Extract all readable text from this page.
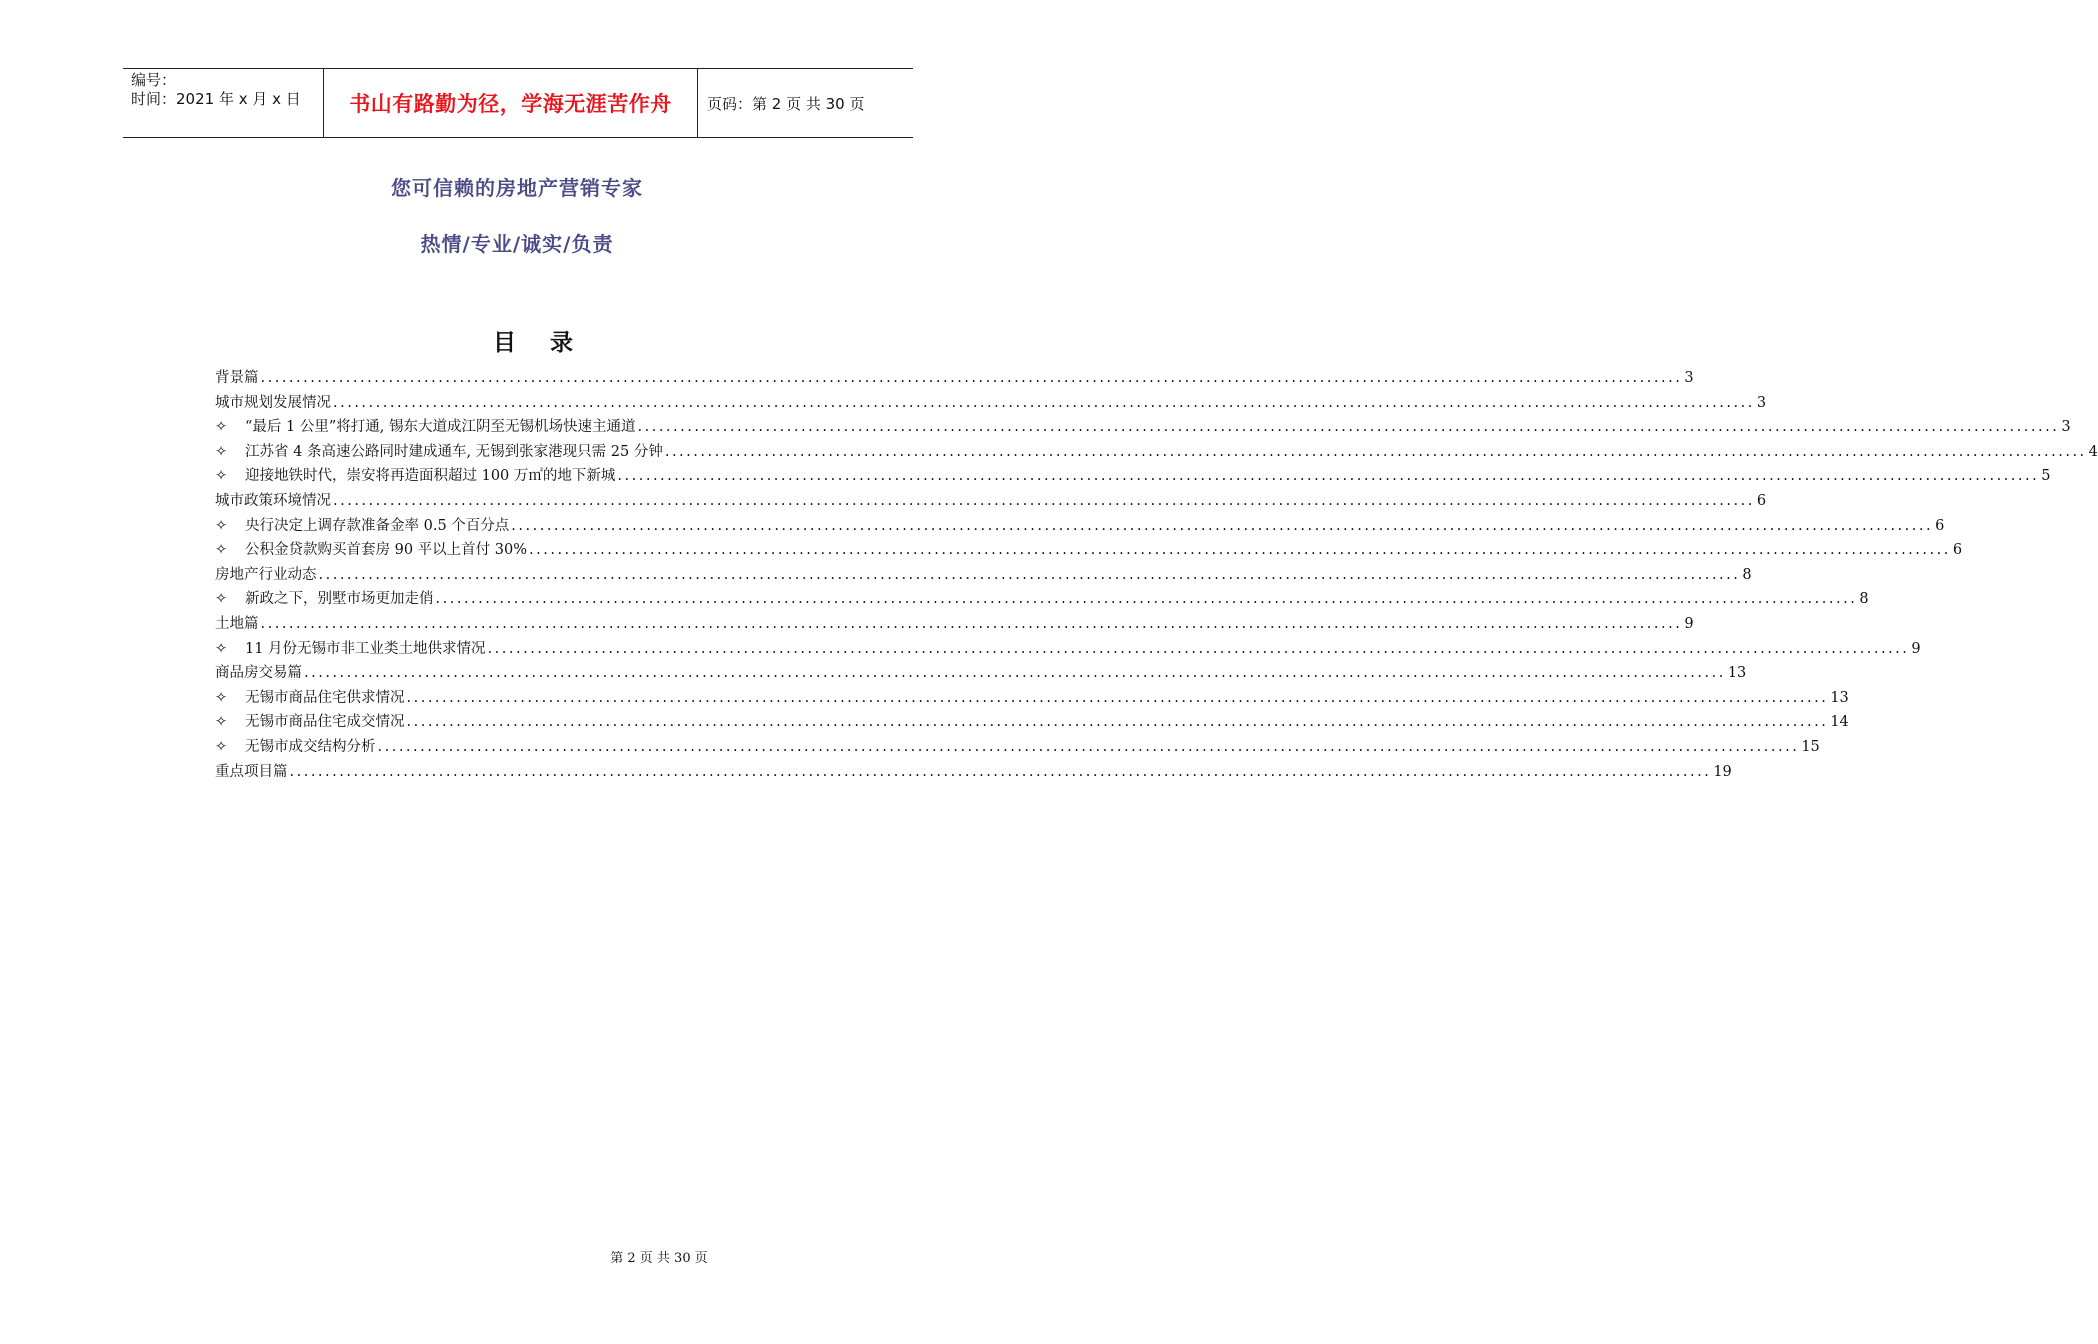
编号：
时间：2021 年 x 月 x 日	书山有路勤为径，学海无涯苦作舟	页码：第 2 页 共 30 页
您可信赖的房地产营销专家
热情/专业/诚实/负责
目 录
背景篇 ........................................................................................................................................................................................................ 3
城市规划发展情况 ........................................................................................................................................................................................................ 3
✧	“最后 1 公里”将打通, 锡东大道成江阴至无锡机场快速主通道 ........................................................................................................................................................................................................ 3
✧	江苏省 4 条高速公路同时建成通车, 无锡到张家港现只需 25 分钟 ........................................................................................................................................................................................................ 4
✧	迎接地铁时代，崇安将再造面积超过 100 万㎡的地下新城 ........................................................................................................................................................................................................ 5
城市政策环境情况 ........................................................................................................................................................................................................ 6
✧	央行决定上调存款准备金率 0.5 个百分点 ........................................................................................................................................................................................................ 6
✧	公积金贷款购买首套房 90 平以上首付 30% ........................................................................................................................................................................................................ 6
房地产行业动态 ........................................................................................................................................................................................................ 8
✧	新政之下，别墅市场更加走俏 ........................................................................................................................................................................................................ 8
土地篇 ........................................................................................................................................................................................................ 9
✧	11 月份无锡市非工业类土地供求情况 ........................................................................................................................................................................................................ 9
商品房交易篇 ........................................................................................................................................................................................................ 13
✧	无锡市商品住宅供求情况 ........................................................................................................................................................................................................ 13
✧	无锡市商品住宅成交情况 ........................................................................................................................................................................................................ 14
✧	无锡市成交结构分析 ........................................................................................................................................................................................................ 15
重点项目篇 ........................................................................................................................................................................................................ 19
第 2 页 共 30 页
